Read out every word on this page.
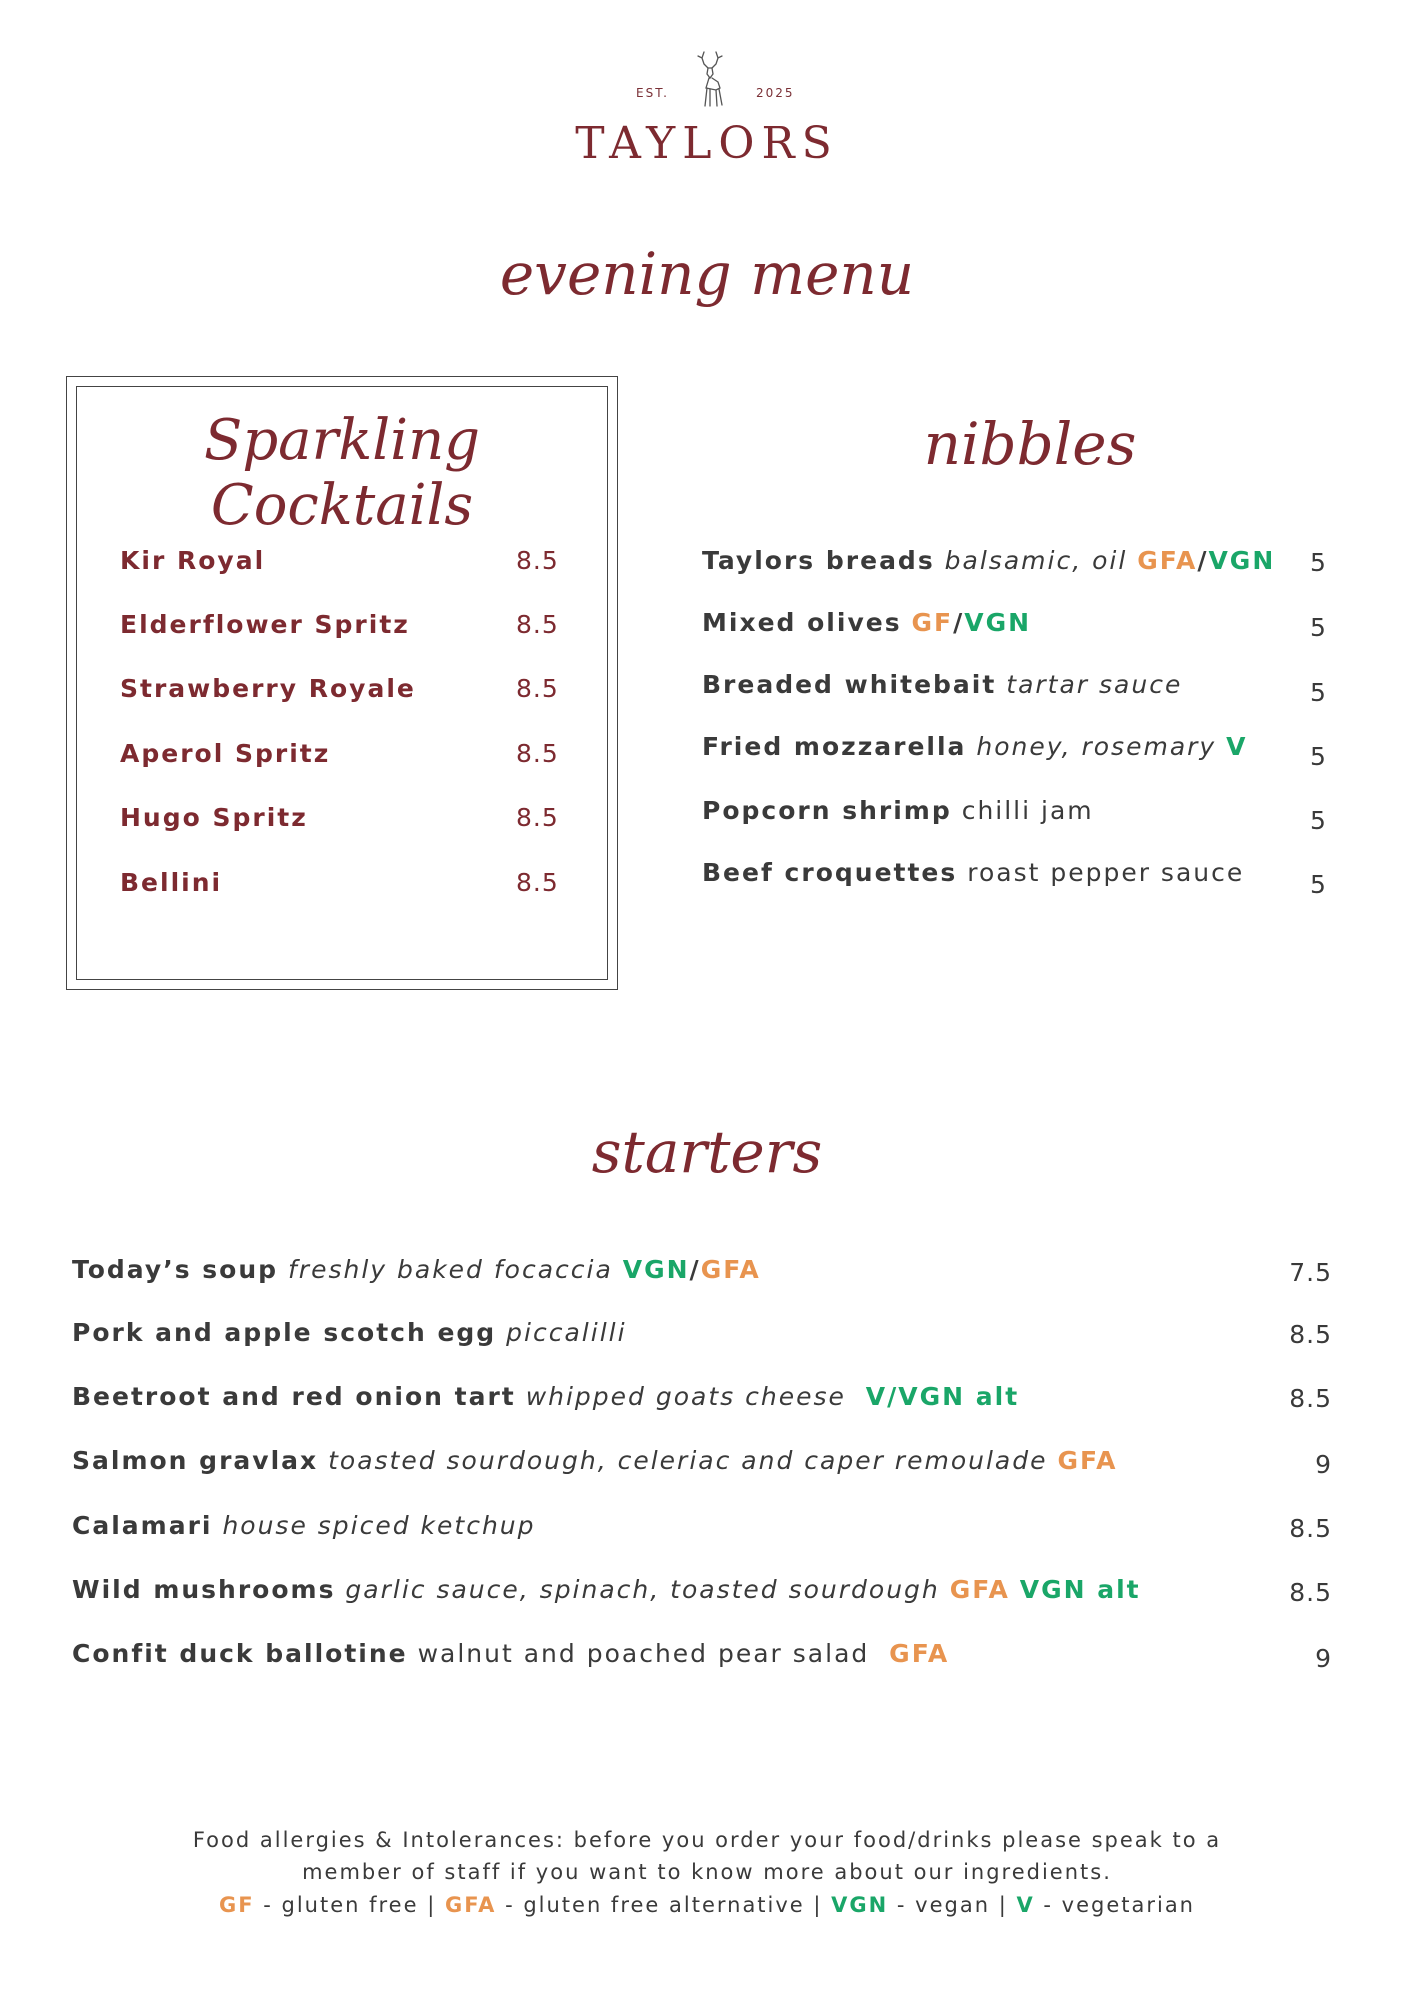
EST.	2025
TAYLORS
evening menu
Sparkling Cocktails
Kir Royal	8.5
Elderflower Spritz	8.5
Strawberry Royale	8.5
Aperol Spritz	8.5
Hugo Spritz	8.5
Bellini	8.5
nibbles
Taylors breads balsamic, oil GFA/VGN 5
Mixed olives GF/VGN	5
Breaded whitebait tartar sauce	5
Fried mozzarella honey, rosemary V 5
Popcorn shrimp chilli jam	5
Beef croquettes roast pepper sauce	5
starters
Today’s soup freshly baked focaccia VGN/GFA	7.5
Pork and apple scotch egg piccalilli	8.5
Beetroot and red onion tart whipped goats cheese V/VGN alt	8.5
Salmon gravlax toasted sourdough, celeriac and caper remoulade GFA	9
Calamari house spiced ketchup	8.5
Wild mushrooms garlic sauce, spinach, toasted sourdough GFA VGN alt	8.5
Confit duck ballotine walnut and poached pear salad GFA	9
Food allergies & Intolerances: before you order your food/drinks please speak to a
member of staff if you want to know more about our ingredients.
GF - gluten free | GFA - gluten free alternative | VGN - vegan | V - vegetarian
